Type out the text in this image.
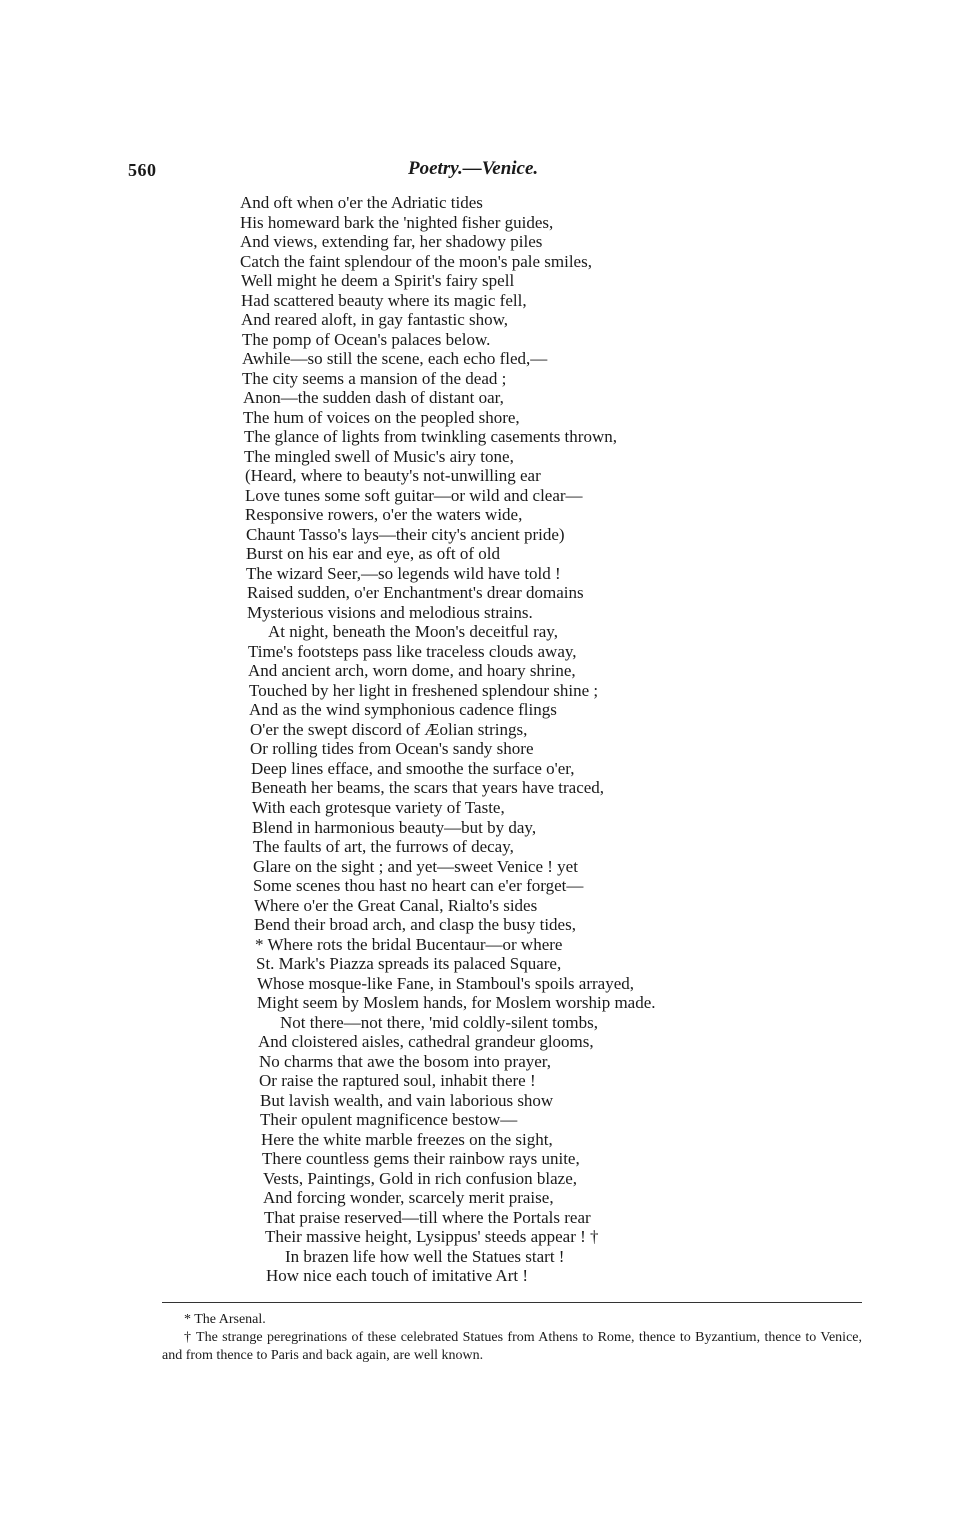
560	Poetry.—Venice.
And oft when o'er the Adriatic tides
His homeward bark the 'nighted fisher guides,
And views, extending far, her shadowy piles
Catch the faint splendour of the moon's pale smiles,
Well might he deem a Spirit's fairy spell
Had scattered beauty where its magic fell,
And reared aloft, in gay fantastic show,
The pomp of Ocean's palaces below.
Awhile—so still the scene, each echo fled,—
The city seems a mansion of the dead ;
Anon—the sudden dash of distant oar,
The hum of voices on the peopled shore,
The glance of lights from twinkling casements thrown,
The mingled swell of Music's airy tone,
(Heard, where to beauty's not-unwilling ear
Love tunes some soft guitar—or wild and clear—
Responsive rowers, o'er the waters wide,
Chaunt Tasso's lays—their city's ancient pride)
Burst on his ear and eye, as oft of old
The wizard Seer,—so legends wild have told !
Raised sudden, o'er Enchantment's drear domains
Mysterious visions and melodious strains.
At night, beneath the Moon's deceitful ray,
Time's footsteps pass like traceless clouds away,
And ancient arch, worn dome, and hoary shrine,
Touched by her light in freshened splendour shine ;
And as the wind symphonious cadence flings
O'er the swept discord of Æolian strings,
Or rolling tides from Ocean's sandy shore
Deep lines efface, and smoothe the surface o'er,
Beneath her beams, the scars that years have traced,
With each grotesque variety of Taste,
Blend in harmonious beauty—but by day,
The faults of art, the furrows of decay,
Glare on the sight ; and yet—sweet Venice ! yet
Some scenes thou hast no heart can e'er forget—
Where o'er the Great Canal, Rialto's sides
Bend their broad arch, and clasp the busy tides,
* Where rots the bridal Bucentaur—or where
St. Mark's Piazza spreads its palaced Square,
Whose mosque-like Fane, in Stamboul's spoils arrayed,
Might seem by Moslem hands, for Moslem worship made.
Not there—not there, 'mid coldly-silent tombs,
And cloistered aisles, cathedral grandeur glooms,
No charms that awe the bosom into prayer,
Or raise the raptured soul, inhabit there !
But lavish wealth, and vain laborious show
Their opulent magnificence bestow—
Here the white marble freezes on the sight,
There countless gems their rainbow rays unite,
Vests, Paintings, Gold in rich confusion blaze,
And forcing wonder, scarcely merit praise,
That praise reserved—till where the Portals rear
Their massive height, Lysippus' steeds appear ! †
In brazen life how well the Statues start !
How nice each touch of imitative Art !
* The Arsenal.
† The strange peregrinations of these celebrated Statues from Athens to Rome, thence to Byzantium, thence to Venice, and from thence to Paris and back again, are well known.
